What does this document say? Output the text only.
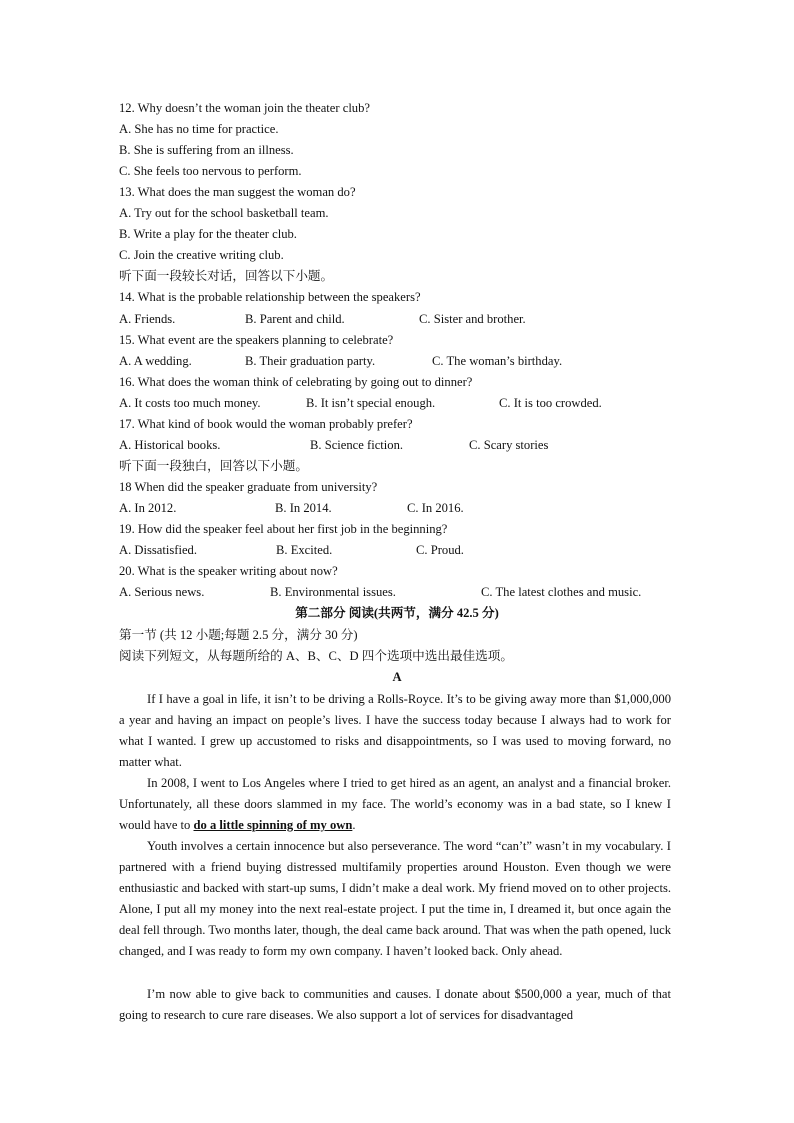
12. Why doesn’t the woman join the theater club?
A. She has no time for practice.
B. She is suffering from an illness.
C. She feels too nervous to perform.
13. What does the man suggest the woman do?
A. Try out for the school basketball team.
B. Write a play for the theater club.
C. Join the creative writing club.
听下面一段较长对话，回答以下小题。
14. What is the probable relationship between the speakers?
A. Friends.	B. Parent and child.	C. Sister and brother.
15. What event are the speakers planning to celebrate?
A. A wedding.	B. Their graduation party.	C. The woman’s birthday.
16. What does the woman think of celebrating by going out to dinner?
A. It costs too much money.	B. It isn’t special enough.	C. It is too crowded.
17. What kind of book would the woman probably prefer?
A. Historical books.	B. Science fiction.	C. Scary stories
听下面一段独白，回答以下小题。
18 When did the speaker graduate from university?
A. In 2012.	B. In 2014.	C. In 2016.
19. How did the speaker feel about her first job in the beginning?
A. Dissatisfied.	B. Excited.	C. Proud.
20. What is the speaker writing about now?
A. Serious news.	B. Environmental issues.	C. The latest clothes and music.
第二部分 阅读(共两节，满分 42.5 分)
第一节 (共 12 小题;每题 2.5 分，满分 30 分)
阅读下列短文，从每题所给的 A、B、C、D 四个选项中选出最佳选项。
A
If I have a goal in life, it isn’t to be driving a Rolls-Royce. It’s to be giving away more than $1,000,000 a year and having an impact on people’s lives. I have the success today because I always had to work for what I wanted. I grew up accustomed to risks and disappointments, so I was used to moving forward, no matter what.
In 2008, I went to Los Angeles where I tried to get hired as an agent, an analyst and a financial broker. Unfortunately, all these doors slammed in my face. The world’s economy was in a bad state, so I knew I would have to do a little spinning of my own.
Youth involves a certain innocence but also perseverance. The word “can’t” wasn’t in my vocabulary. I partnered with a friend buying distressed multifamily properties around Houston. Even though we were enthusiastic and backed with start-up sums, I didn’t make a deal work. My friend moved on to other projects. Alone, I put all my money into the next real-estate project. I put the time in, I dreamed it, but once again the deal fell through. Two months later, though, the deal came back around. That was when the path opened, luck changed, and I was ready to form my own company. I haven’t looked back. Only ahead.
I’m now able to give back to communities and causes. I donate about $500,000 a year, much of that going to research to cure rare diseases. We also support a lot of services for disadvantaged
